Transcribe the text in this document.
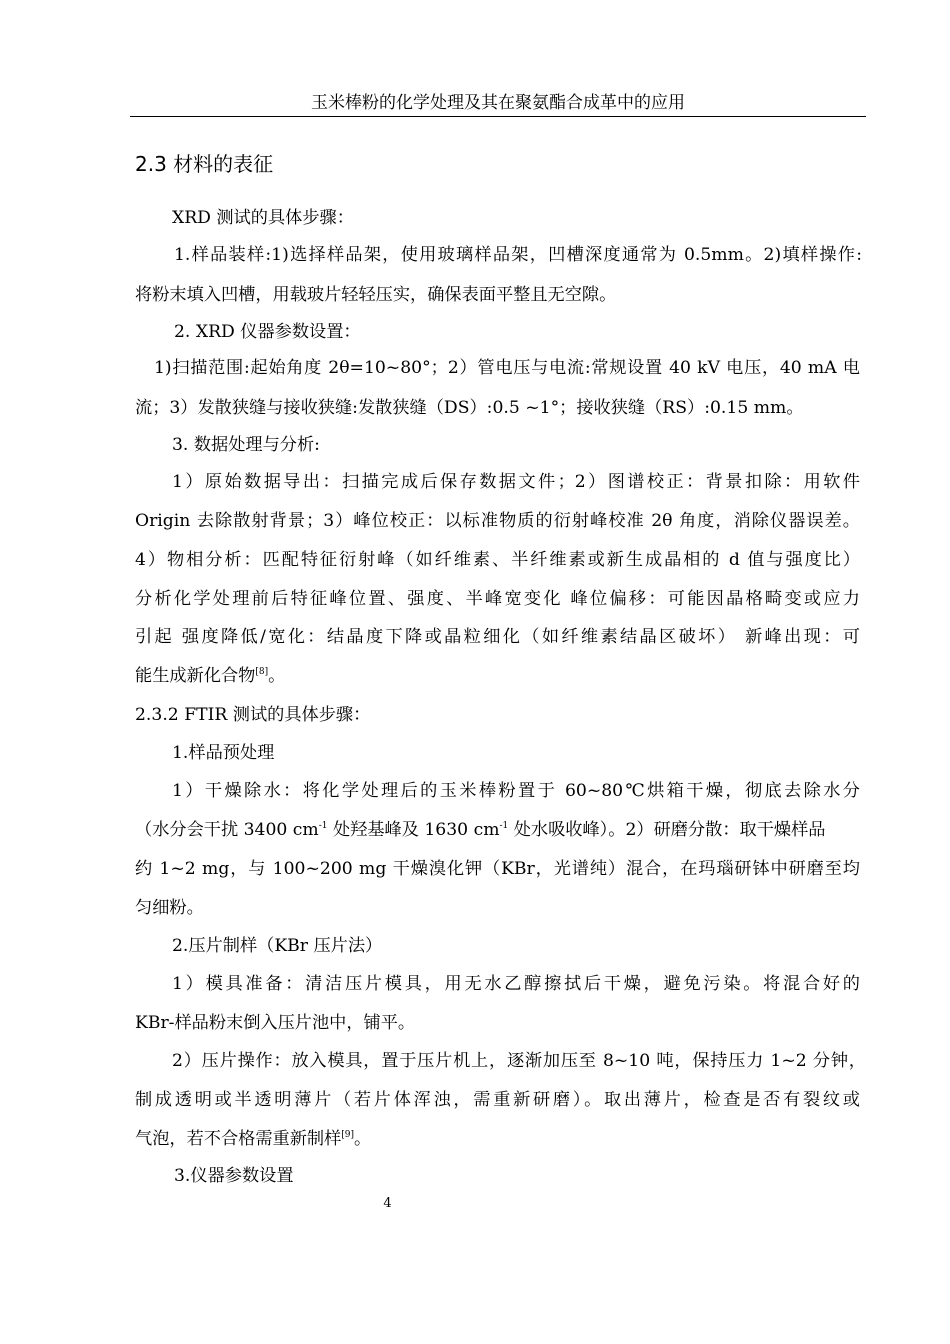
玉米棒粉的化学处理及其在聚氨酯合成革中的应用
2.3 材料的表征
XRD 测试的具体步骤：
1.样品装样:1)选择样品架，使用玻璃样品架，凹槽深度通常为 0.5mm。2)填样操作:
将粉末填入凹槽，用载玻片轻轻压实，确保表面平整且无空隙。
2. XRD 仪器参数设置：
1)扫描范围:起始角度 2θ=10~80°；2）管电压与电流:常规设置 40 kV 电压，40 mA 电
流；3）发散狭缝与接收狭缝:发散狭缝（DS）:0.5 ~1°；接收狭缝（RS）:0.15 mm。
3. 数据处理与分析:
1）原始数据导出：扫描完成后保存数据文件；2）图谱校正：背景扣除：用软件
Origin 去除散射背景；3）峰位校正：以标准物质的衍射峰校准 2θ 角度，消除仪器误差。
4）物相分析：匹配特征衍射峰（如纤维素、半纤维素或新生成晶相的 d 值与强度比）
分析化学处理前后特征峰位置、强度、半峰宽变化 峰位偏移：可能因晶格畸变或应力
引起 强度降低/宽化：结晶度下降或晶粒细化（如纤维素结晶区破坏） 新峰出现：可
能生成新化合物[8]。
2.3.2 FTIR 测试的具体步骤：
1.样品预处理
1）干燥除水：将化学处理后的玉米棒粉置于 60~80℃烘箱干燥，彻底去除水分
（水分会干扰 3400 $cm^{-1}$ 处羟基峰及 1630 $cm^{-1}$ 处水吸收峰）。2）研磨分散：取干燥样品
约 1~2 mg，与 100~200 mg 干燥溴化钾（KBr，光谱纯）混合，在玛瑙研钵中研磨至均
匀细粉。
2.压片制样（KBr 压片法）
1）模具准备：清洁压片模具，用无水乙醇擦拭后干燥，避免污染。将混合好的
KBr-样品粉末倒入压片池中，铺平。
2）压片操作：放入模具，置于压片机上，逐渐加压至 8~10 吨，保持压力 1~2 分钟，
制成透明或半透明薄片（若片体浑浊，需重新研磨）。取出薄片，检查是否有裂纹或
气泡，若不合格需重新制样[9]。
3.仪器参数设置
4
